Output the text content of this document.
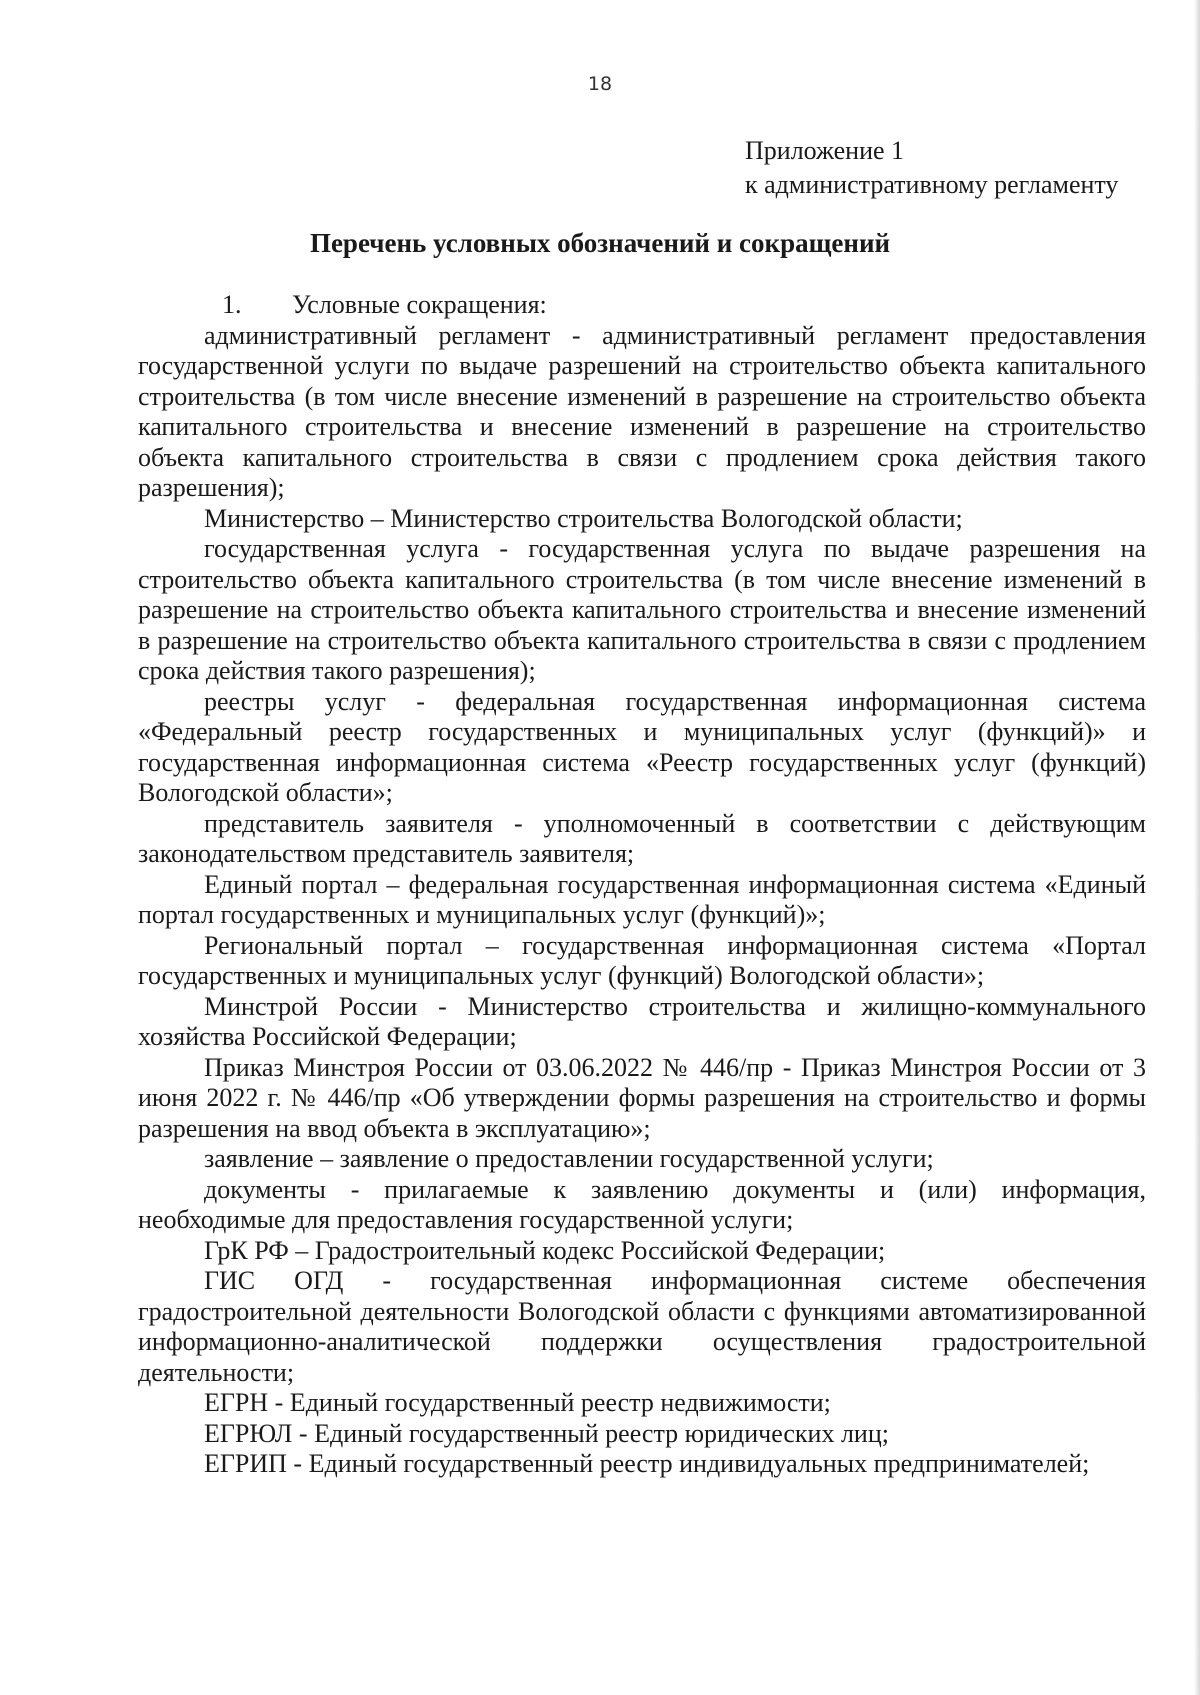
18
Приложение 1
к административному регламенту
Перечень условных обозначений и сокращений

1. Условные сокращения:

административный регламент - административный регламент предоставления государственной услуги по выдаче разрешений на строительство объекта капитального строительства (в том числе внесение изменений в разрешение на строительство объекта капитального строительства и внесение изменений в разрешение на строительство объекта капитального строительства в связи с продлением срока действия такого разрешения);

Министерство – Министерство строительства Вологодской области;

государственная услуга - государственная услуга по выдаче разрешения на строительство объекта капитального строительства (в том числе внесение изменений в разрешение на строительство объекта капитального строительства и внесение изменений в разрешение на строительство объекта капитального строительства в связи с продлением срока действия такого разрешения);

реестры услуг - федеральная государственная информационная система «Федеральный реестр государственных и муниципальных услуг (функций)» и государственная информационная система «Реестр государственных услуг (функций) Вологодской области»;

представитель заявителя - уполномоченный в соответствии с действующим законодательством представитель заявителя;

Единый портал – федеральная государственная информационная система «Единый портал государственных и муниципальных услуг (функций)»;

Региональный портал – государственная информационная система «Портал государственных и муниципальных услуг (функций) Вологодской области»;

Минстрой России - Министерство строительства и жилищно-коммунального хозяйства Российской Федерации;

Приказ Минстроя России от 03.06.2022 № 446/пр - Приказ Минстроя России от 3 июня 2022 г. № 446/пр «Об утверждении формы разрешения на строительство и формы разрешения на ввод объекта в эксплуатацию»;

заявление – заявление о предоставлении государственной услуги;

документы - прилагаемые к заявлению документы и (или) информация, необходимые для предоставления государственной услуги;

ГрК РФ – Градостроительный кодекс Российской Федерации;

ГИС ОГД - государственная информационная системе обеспечения градостроительной деятельности Вологодской области с функциями автоматизированной информационно-аналитической поддержки осуществления градостроительной деятельности;

ЕГРН - Единый государственный реестр недвижимости;

ЕГРЮЛ - Единый государственный реестр юридических лиц;

ЕГРИП - Единый государственный реестр индивидуальных предпринимателей;
